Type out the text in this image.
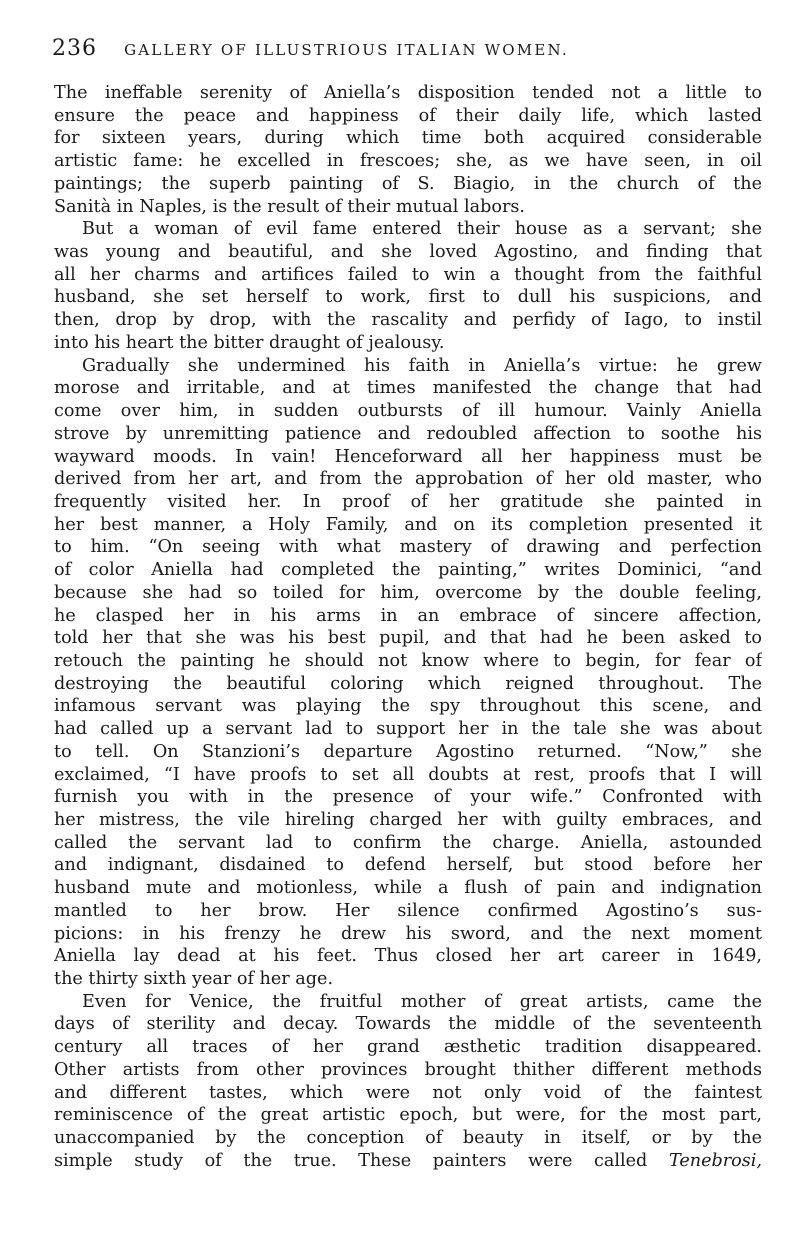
236 GALLERY OF ILLUSTRIOUS ITALIAN WOMEN.
The ineffable serenity of Aniella’s disposition tended not a little to
ensure the peace and happiness of their daily life, which lasted
for sixteen years, during which time both acquired considerable
artistic fame: he excelled in frescoes; she, as we have seen, in oil
paintings; the superb painting of S. Biagio, in the church of the
Sanità in Naples, is the result of their mutual labors.
But a woman of evil fame entered their house as a servant; she
was young and beautiful, and she loved Agostino, and finding that
all her charms and artifices failed to win a thought from the faithful
husband, she set herself to work, first to dull his suspicions, and
then, drop by drop, with the rascality and perfidy of Iago, to instil
into his heart the bitter draught of jealousy.
Gradually she undermined his faith in Aniella’s virtue: he grew
morose and irritable, and at times manifested the change that had
come over him, in sudden outbursts of ill humour. Vainly Aniella
strove by unremitting patience and redoubled affection to soothe his
wayward moods. In vain! Henceforward all her happiness must be
derived from her art, and from the approbation of her old master, who
frequently visited her. In proof of her gratitude she painted in
her best manner, a Holy Family, and on its completion presented it
to him. “On seeing with what mastery of drawing and perfection
of color Aniella had completed the painting,” writes Dominici, “and
because she had so toiled for him, overcome by the double feeling,
he clasped her in his arms in an embrace of sincere affection,
told her that she was his best pupil, and that had he been asked to
retouch the painting he should not know where to begin, for fear of
destroying the beautiful coloring which reigned throughout. The
infamous servant was playing the spy throughout this scene, and
had called up a servant lad to support her in the tale she was about
to tell. On Stanzioni’s departure Agostino returned. “Now,” she
exclaimed, “I have proofs to set all doubts at rest, proofs that I will
furnish you with in the presence of your wife.” Confronted with
her mistress, the vile hireling charged her with guilty embraces, and
called the servant lad to confirm the charge. Aniella, astounded
and indignant, disdained to defend herself, but stood before her
husband mute and motionless, while a flush of pain and indignation
mantled to her brow. Her silence confirmed Agostino’s sus-
picions: in his frenzy he drew his sword, and the next moment
Aniella lay dead at his feet. Thus closed her art career in 1649,
the thirty sixth year of her age.
Even for Venice, the fruitful mother of great artists, came the
days of sterility and decay. Towards the middle of the seventeenth
century all traces of her grand æsthetic tradition disappeared.
Other artists from other provinces brought thither different methods
and different tastes, which were not only void of the faintest
reminiscence of the great artistic epoch, but were, for the most part,
unaccompanied by the conception of beauty in itself, or by the
simple study of the true. These painters were called Tenebrosi,
